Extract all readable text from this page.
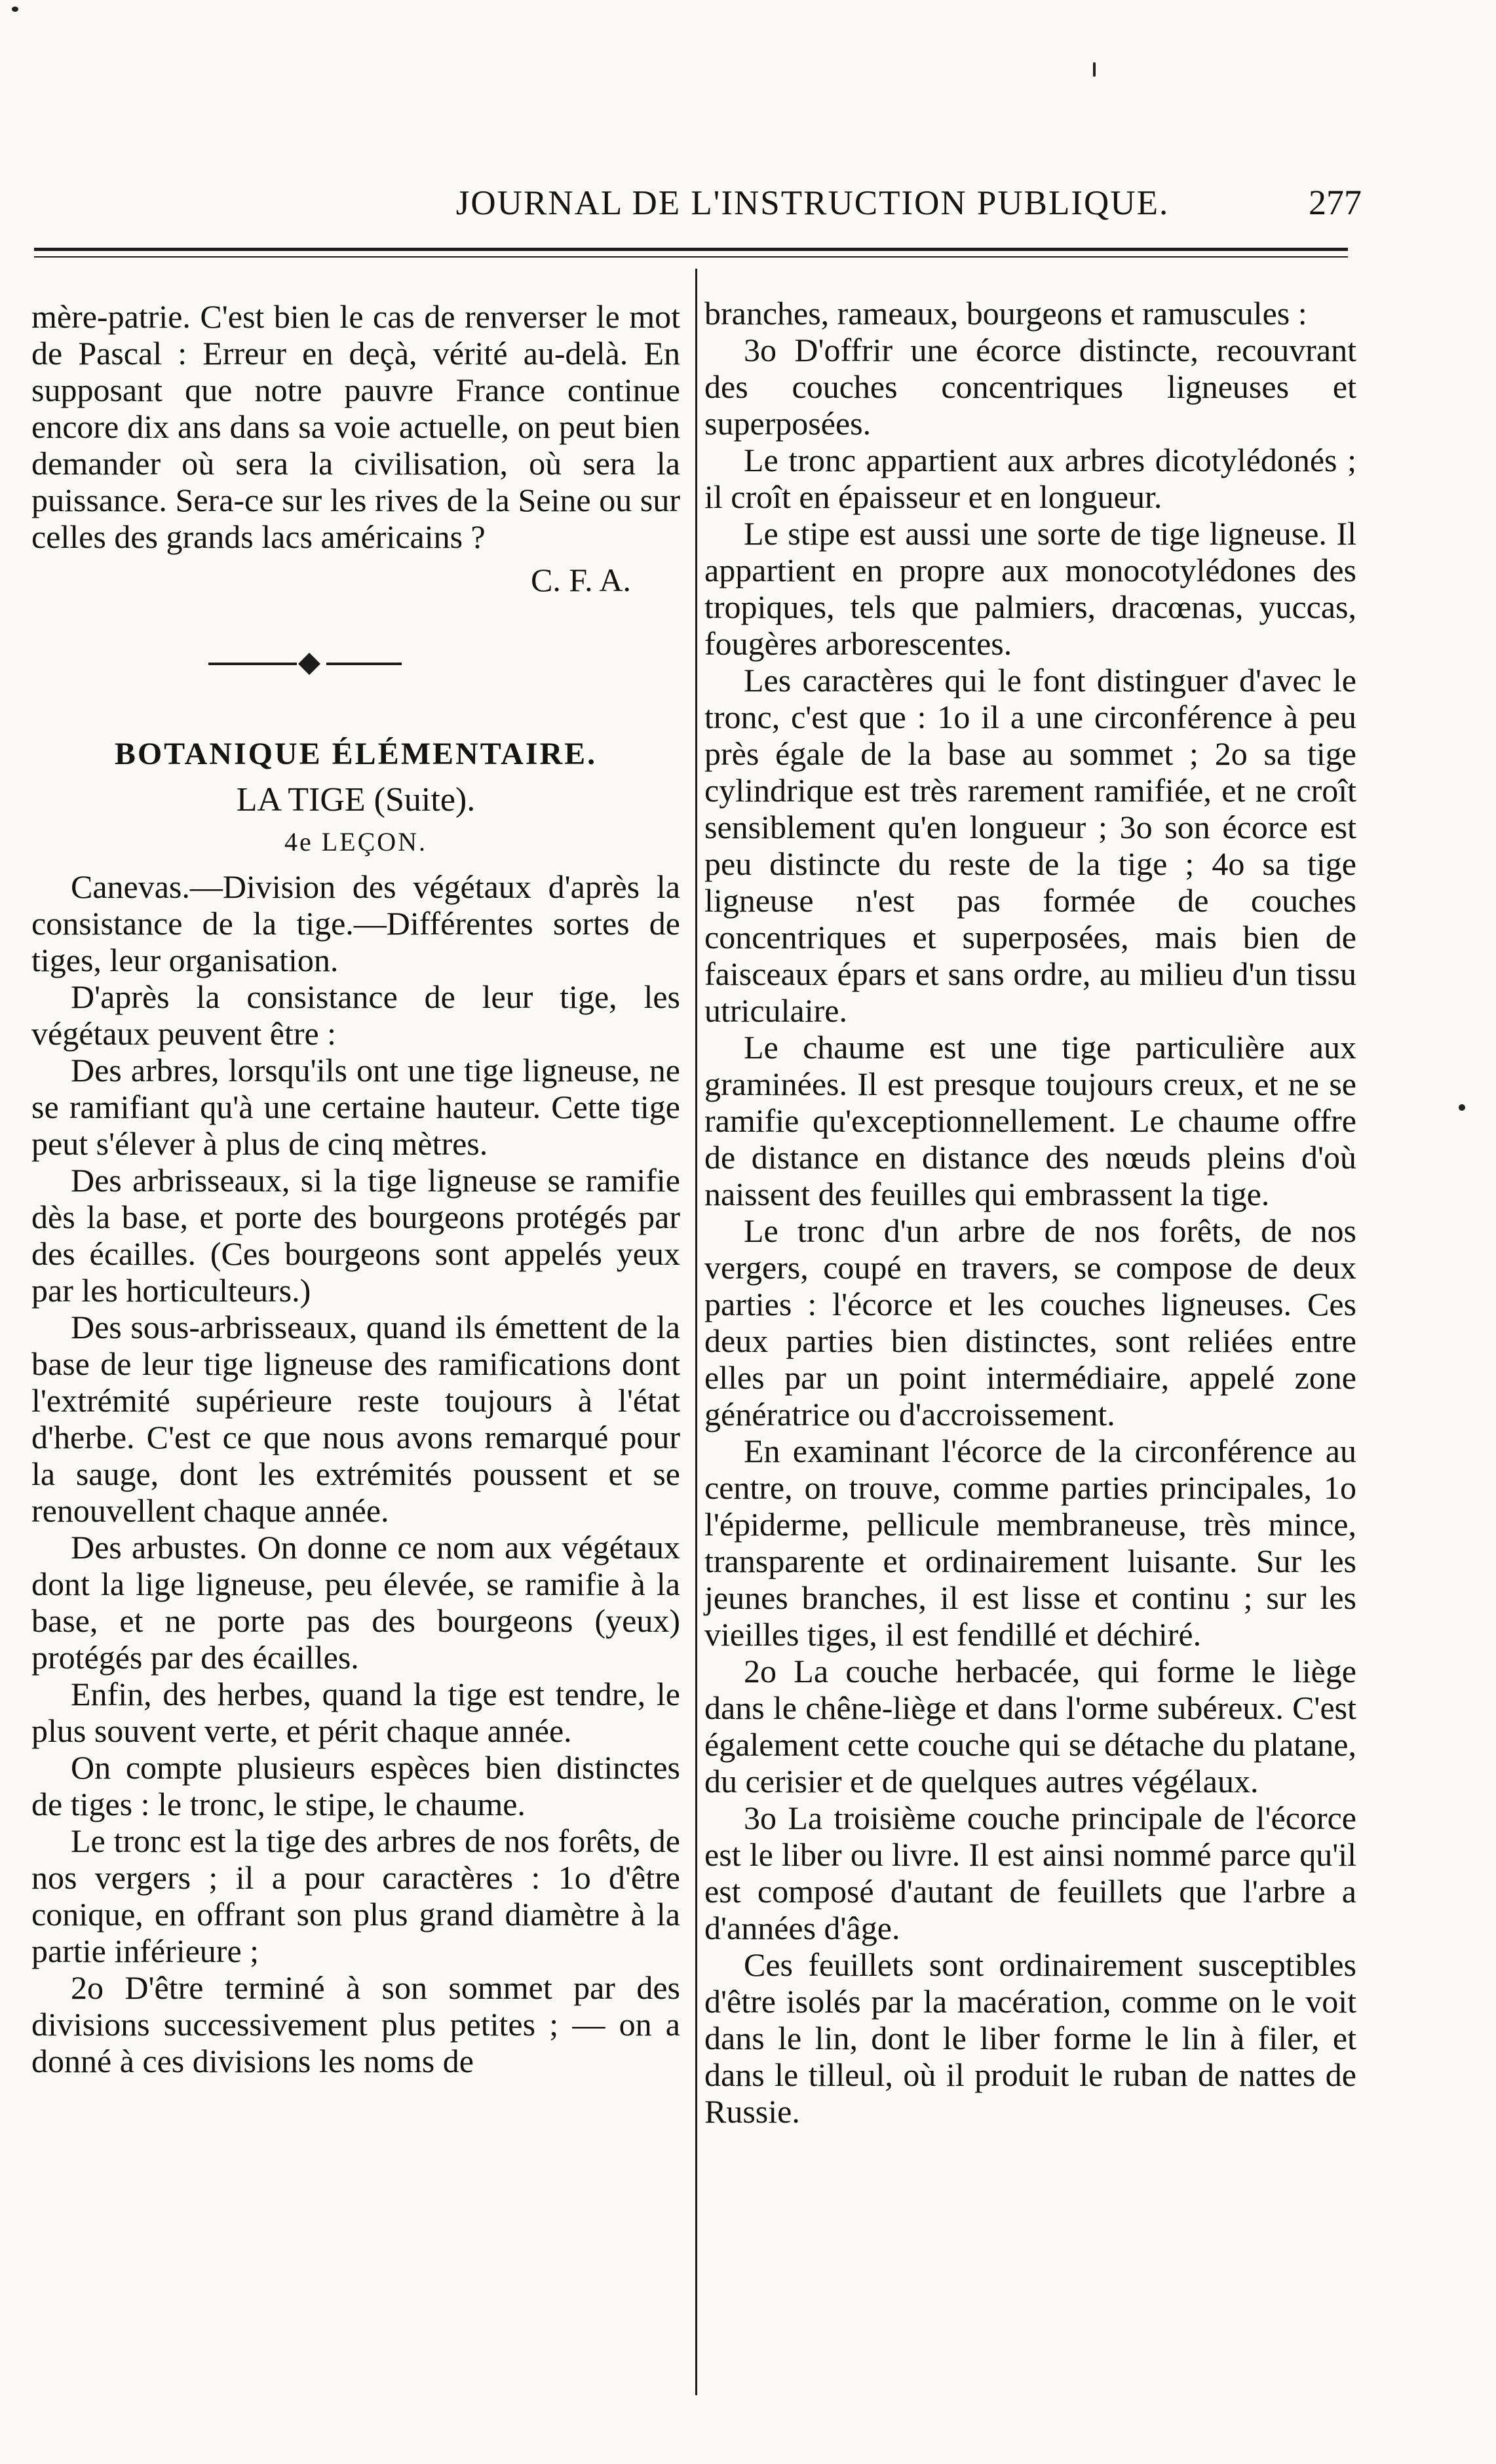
JOURNAL DE L'INSTRUCTION PUBLIQUE.	277

mère-patrie. C'est bien le cas de renverser le mot de Pascal : Erreur en deçà, vérité au-delà. En supposant que notre pauvre France continue encore dix ans dans sa voie actuelle, on peut bien demander où sera la civilisation, où sera la puissance. Sera-ce sur les rives de la Seine ou sur celles des grands lacs américains ?

C. F. A.

BOTANIQUE ÉLÉMENTAIRE.

LA TIGE (Suite).

4e LEÇON.

Canevas.—Division des végétaux d'après la consistance de la tige.—Différentes sortes de tiges, leur organisation.

D'après la consistance de leur tige, les végétaux peuvent être :

Des arbres, lorsqu'ils ont une tige ligneuse, ne se ramifiant qu'à une certaine hauteur. Cette tige peut s'élever à plus de cinq mètres.

Des arbrisseaux, si la tige ligneuse se ramifie dès la base, et porte des bourgeons protégés par des écailles. (Ces bourgeons sont appelés yeux par les horticulteurs.)

Des sous-arbrisseaux, quand ils émettent de la base de leur tige ligneuse des ramifications dont l'extrémité supérieure reste toujours à l'état d'herbe. C'est ce que nous avons remarqué pour la sauge, dont les extrémités poussent et se renouvellent chaque année.

Des arbustes. On donne ce nom aux végétaux dont la lige ligneuse, peu élevée, se ramifie à la base, et ne porte pas des bourgeons (yeux) protégés par des écailles.

Enfin, des herbes, quand la tige est tendre, le plus souvent verte, et périt chaque année.

On compte plusieurs espèces bien distinctes de tiges : le tronc, le stipe, le chaume.

Le tronc est la tige des arbres de nos forêts, de nos vergers ; il a pour caractères : 1o d'être conique, en offrant son plus grand diamètre à la partie inférieure ;

2o D'être terminé à son sommet par des divisions successivement plus petites ; — on a donné à ces divisions les noms de

branches, rameaux, bourgeons et ramuscules :

3o D'offrir une écorce distincte, recouvrant des couches concentriques ligneuses et superposées.

Le tronc appartient aux arbres dicotylédonés ; il croît en épaisseur et en longueur.

Le stipe est aussi une sorte de tige ligneuse. Il appartient en propre aux monocotylédones des tropiques, tels que palmiers, dracœnas, yuccas, fougères arborescentes.

Les caractères qui le font distinguer d'avec le tronc, c'est que : 1o il a une circonférence à peu près égale de la base au sommet ; 2o sa tige cylindrique est très rarement ramifiée, et ne croît sensiblement qu'en longueur ; 3o son écorce est peu distincte du reste de la tige ; 4o sa tige ligneuse n'est pas formée de couches concentriques et superposées, mais bien de faisceaux épars et sans ordre, au milieu d'un tissu utriculaire.

Le chaume est une tige particulière aux graminées. Il est presque toujours creux, et ne se ramifie qu'exceptionnellement. Le chaume offre de distance en distance des nœuds pleins d'où naissent des feuilles qui embrassent la tige.

Le tronc d'un arbre de nos forêts, de nos vergers, coupé en travers, se compose de deux parties : l'écorce et les couches ligneuses. Ces deux parties bien distinctes, sont reliées entre elles par un point intermédiaire, appelé zone génératrice ou d'accroissement.

En examinant l'écorce de la circonférence au centre, on trouve, comme parties principales, 1o l'épiderme, pellicule membraneuse, très mince, transparente et ordinairement luisante. Sur les jeunes branches, il est lisse et continu ; sur les vieilles tiges, il est fendillé et déchiré.

2o La couche herbacée, qui forme le liège dans le chêne-liège et dans l'orme subéreux. C'est également cette couche qui se détache du platane, du cerisier et de quelques autres végélaux.

3o La troisième couche principale de l'écorce est le liber ou livre. Il est ainsi nommé parce qu'il est composé d'autant de feuillets que l'arbre a d'années d'âge.

Ces feuillets sont ordinairement susceptibles d'être isolés par la macération, comme on le voit dans le lin, dont le liber forme le lin à filer, et dans le tilleul, où il produit le ruban de nattes de Russie.
